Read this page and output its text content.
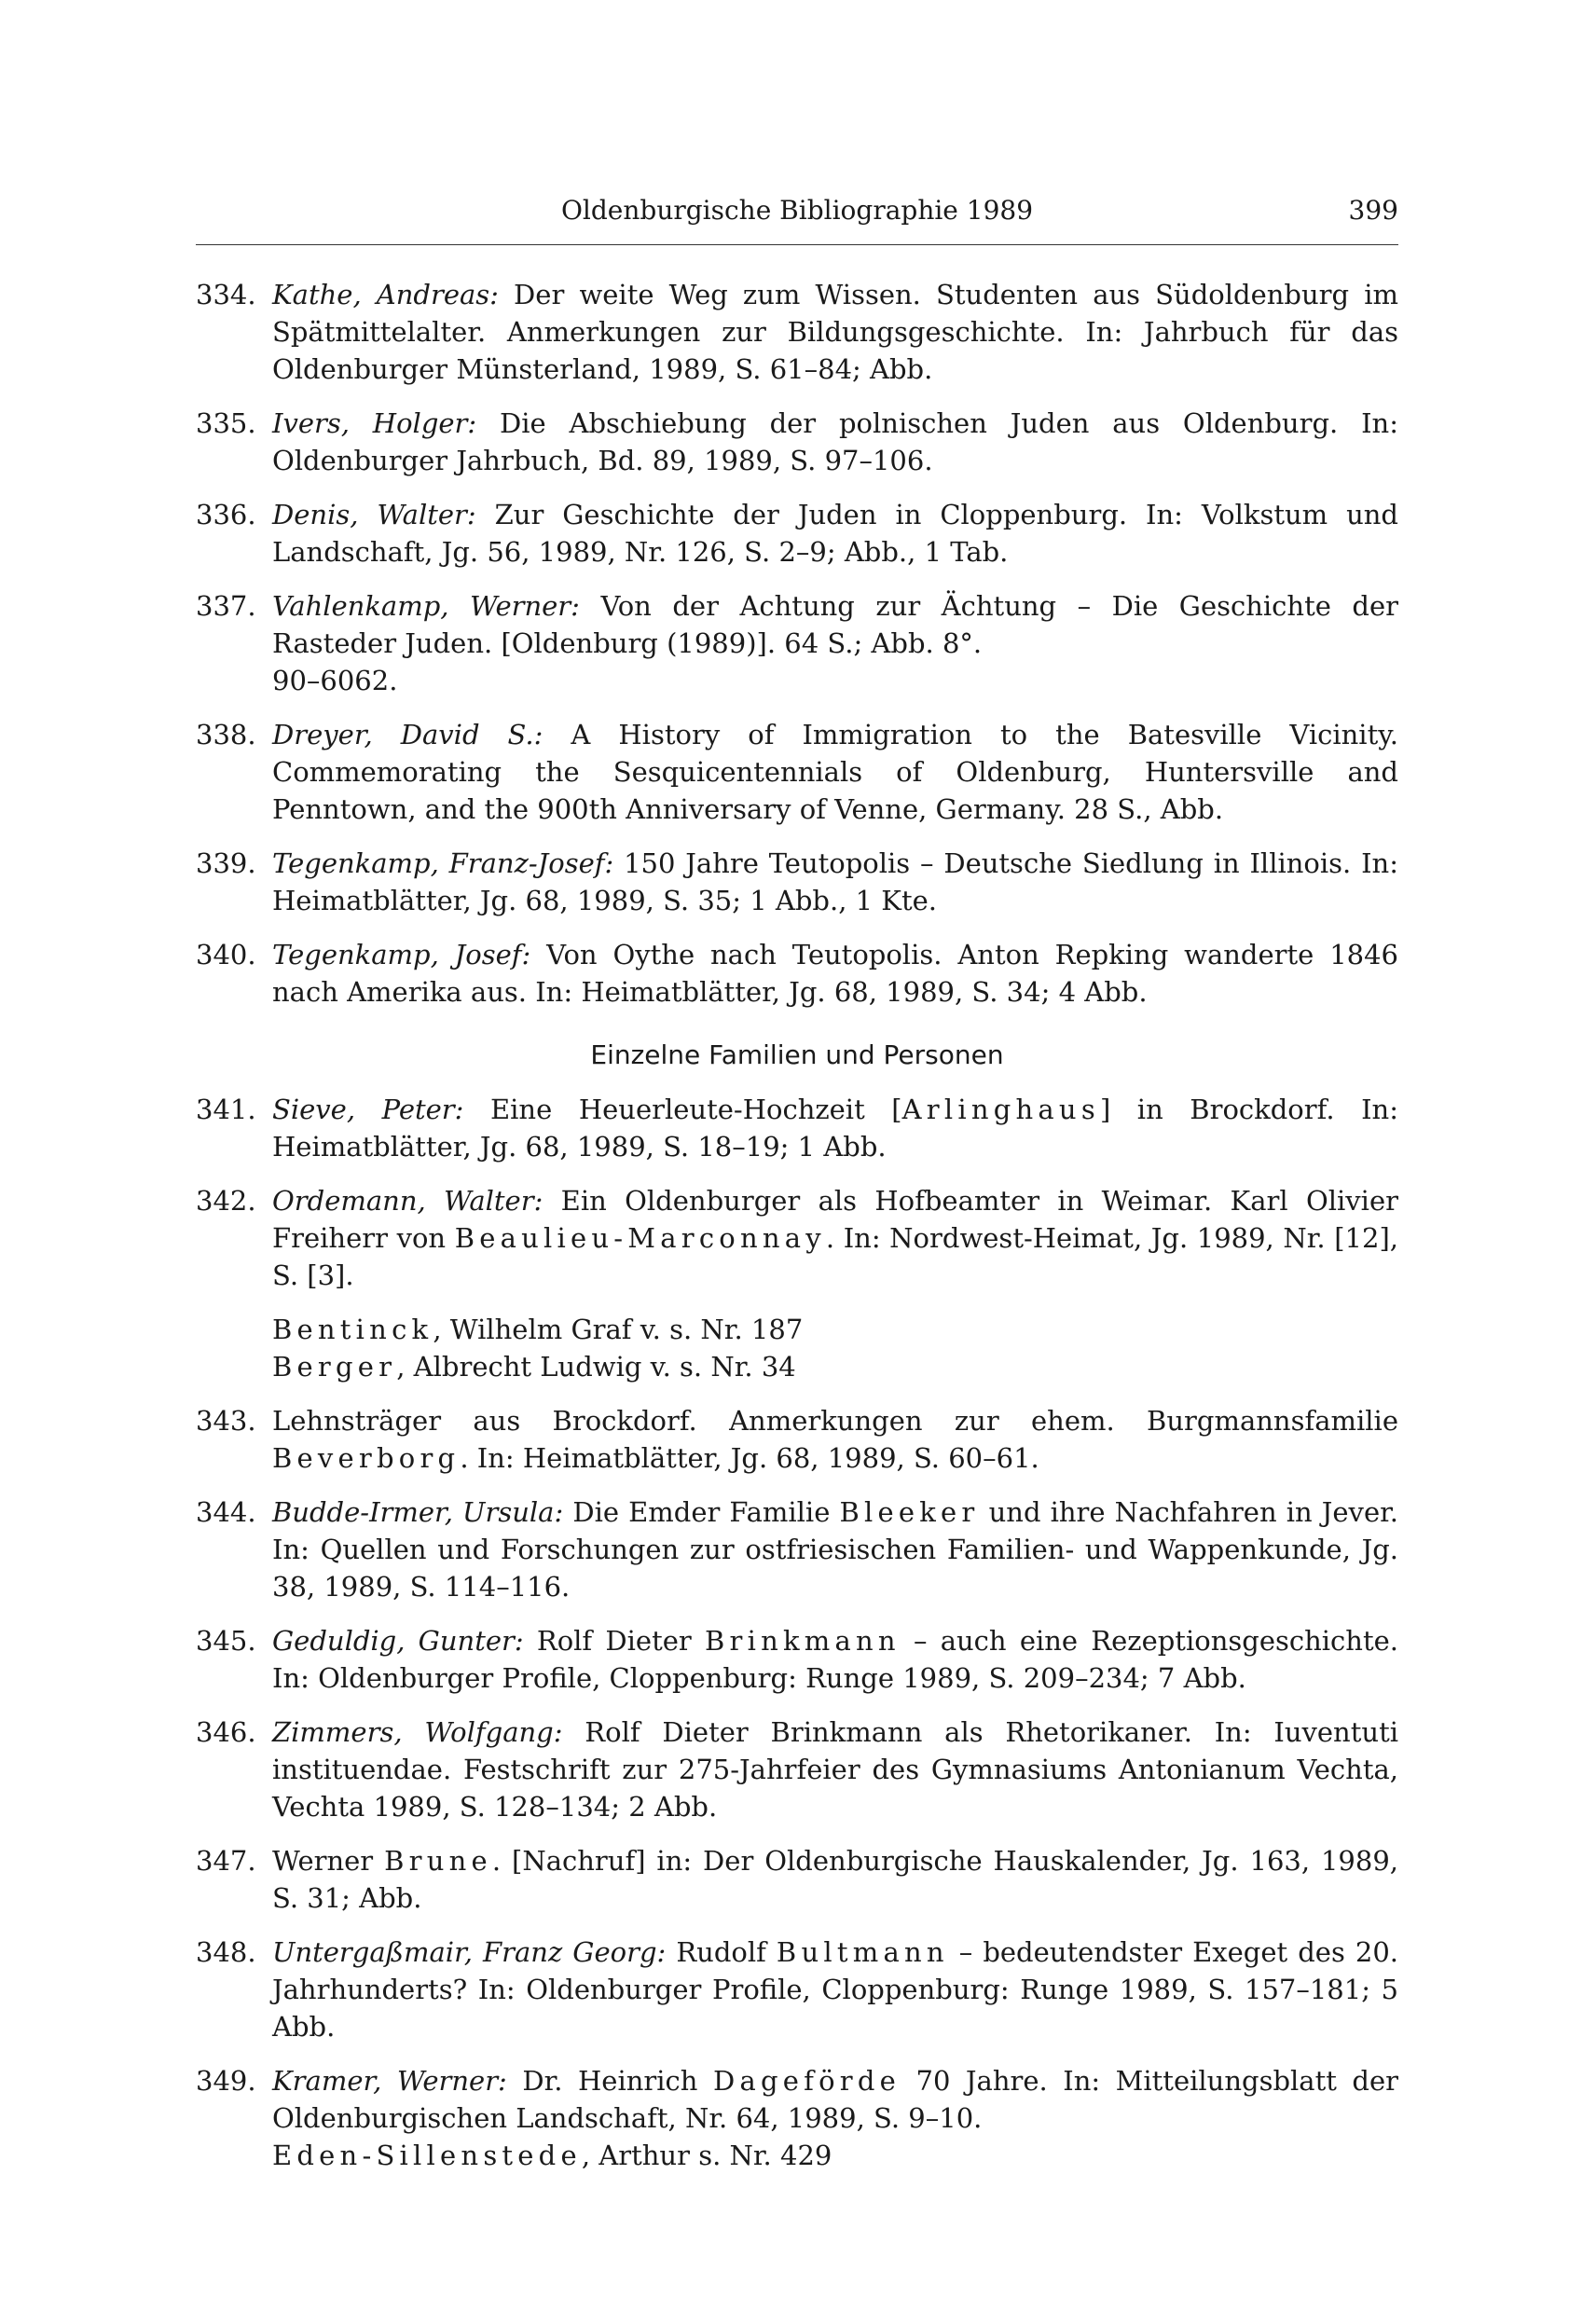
Oldenburgische Bibliographie 1989	399
334. Kathe, Andreas: Der weite Weg zum Wissen. Studenten aus Südoldenburg im Spätmittelalter. Anmerkungen zur Bildungsgeschichte. In: Jahrbuch für das Oldenburger Münsterland, 1989, S. 61–84; Abb.
335. Ivers, Holger: Die Abschiebung der polnischen Juden aus Oldenburg. In: Oldenburger Jahrbuch, Bd. 89, 1989, S. 97–106.
336. Denis, Walter: Zur Geschichte der Juden in Cloppenburg. In: Volkstum und Landschaft, Jg. 56, 1989, Nr. 126, S. 2–9; Abb., 1 Tab.
337. Vahlenkamp, Werner: Von der Achtung zur Ächtung – Die Geschichte der Rasteder Juden. [Oldenburg (1989)]. 64 S.; Abb. 8°.
90–6062.
338. Dreyer, David S.: A History of Immigration to the Batesville Vicinity. Commemorating the Sesquicentennials of Oldenburg, Huntersville and Penntown, and the 900th Anniversary of Venne, Germany. 28 S., Abb.
339. Tegenkamp, Franz-Josef: 150 Jahre Teutopolis – Deutsche Siedlung in Illinois. In: Heimatblätter, Jg. 68, 1989, S. 35; 1 Abb., 1 Kte.
340. Tegenkamp, Josef: Von Oythe nach Teutopolis. Anton Repking wanderte 1846 nach Amerika aus. In: Heimatblätter, Jg. 68, 1989, S. 34; 4 Abb.
Einzelne Familien und Personen
341. Sieve, Peter: Eine Heuerleute-Hochzeit [Arlinghaus] in Brockdorf. In: Heimatblätter, Jg. 68, 1989, S. 18–19; 1 Abb.
342. Ordemann, Walter: Ein Oldenburger als Hofbeamter in Weimar. Karl Olivier Freiherr von Beaulieu-Marconnay. In: Nordwest-Heimat, Jg. 1989, Nr. [12], S. [3].
Bentinck, Wilhelm Graf v. s. Nr. 187
Berger, Albrecht Ludwig v. s. Nr. 34
343. Lehnsträger aus Brockdorf. Anmerkungen zur ehem. Burgmannsfamilie Beverborg. In: Heimatblätter, Jg. 68, 1989, S. 60–61.
344. Budde-Irmer, Ursula: Die Emder Familie Bleeker und ihre Nachfahren in Jever. In: Quellen und Forschungen zur ostfriesischen Familien- und Wappenkunde, Jg. 38, 1989, S. 114–116.
345. Geduldig, Gunter: Rolf Dieter Brinkmann – auch eine Rezeptionsgeschichte. In: Oldenburger Profile, Cloppenburg: Runge 1989, S. 209–234; 7 Abb.
346. Zimmers, Wolfgang: Rolf Dieter Brinkmann als Rhetorikaner. In: Iuventuti instituendae. Festschrift zur 275-Jahrfeier des Gymnasiums Antonianum Vechta, Vechta 1989, S. 128–134; 2 Abb.
347. Werner Brune. [Nachruf] in: Der Oldenburgische Hauskalender, Jg. 163, 1989, S. 31; Abb.
348. Untergaßmair, Franz Georg: Rudolf Bultmann – bedeutendster Exeget des 20. Jahrhunderts? In: Oldenburger Profile, Cloppenburg: Runge 1989, S. 157–181; 5 Abb.
349. Kramer, Werner: Dr. Heinrich Dageförde 70 Jahre. In: Mitteilungsblatt der Oldenburgischen Landschaft, Nr. 64, 1989, S. 9–10.
Eden-Sillenstede, Arthur s. Nr. 429
